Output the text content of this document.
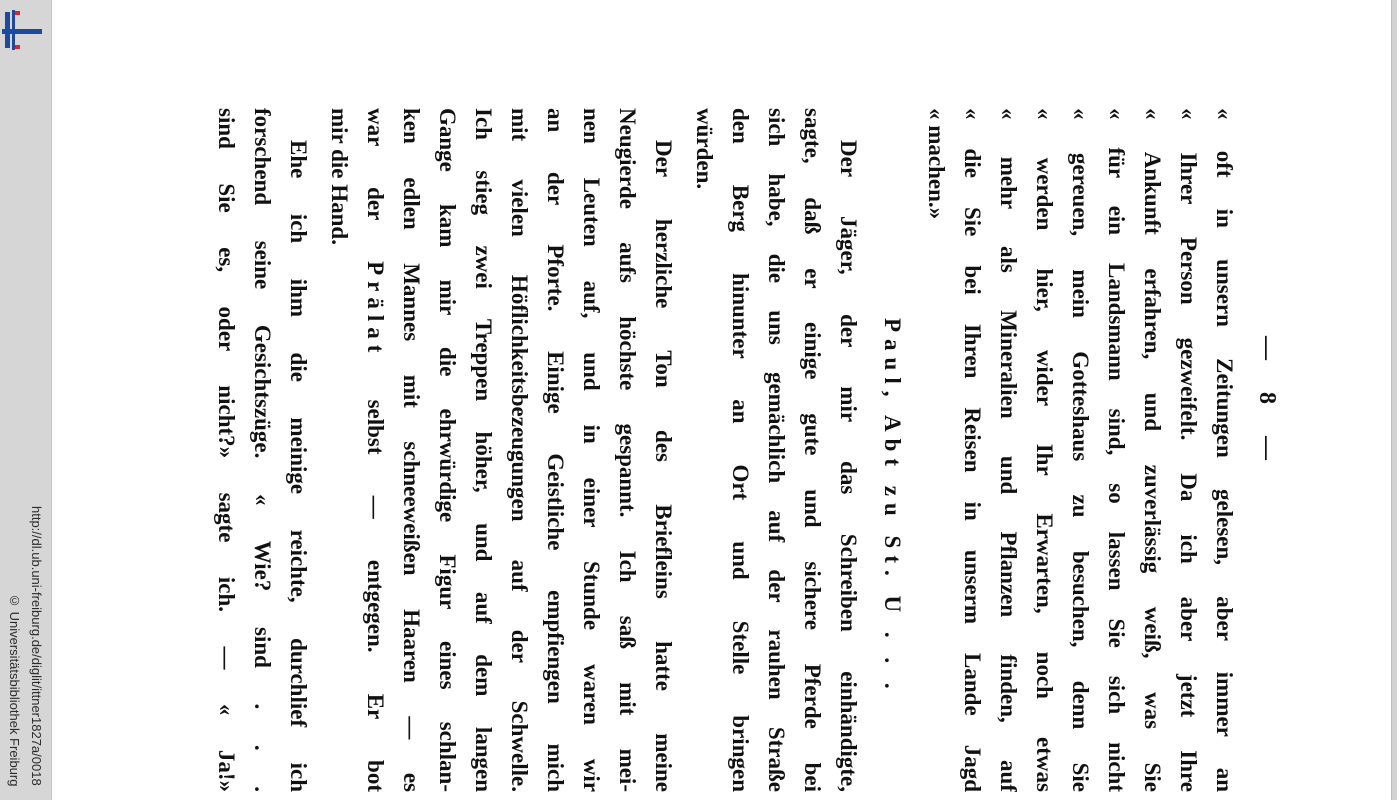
http://dl.ub.uni-freiburg.de/diglit/ittner1827a/0018
© Universitätsbibliothek Freiburg
— 8 —
« oft in unsern Zeitungen gelesen, aber immer an
« Ihrer Person gezweifelt. Da ich aber jetzt Ihre
« Ankunft erfahren, und zuverlässig weiß, was Sie
« für ein Landsmann sind, so lassen Sie sich nicht
« gereuen, mein Gotteshaus zu besuchen, denn Sie
« werden hier, wider Ihr Erwarten, noch etwas
« mehr als Mineralien und Pflanzen finden, auf
« die Sie bei Ihren Reisen in unserm Lande Jagd
« machen.»
Paul, Abt zu St. U . . .
Der Jäger, der mir das Schreiben einhändigte,
sagte, daß er einige gute und sichere Pferde bei
sich habe, die uns gemächlich auf der rauhen Straße
den Berg hinunter an Ort und Stelle bringen
würden.
Der herzliche Ton des Briefleins hatte meine
Neugierde aufs höchste gespannt. Ich saß mit mei-
nen Leuten auf, und in einer Stunde waren wir
an der Pforte. Einige Geistliche empfiengen mich
mit vielen Höflichkeitsbezeugungen auf der Schwelle.
Ich stieg zwei Treppen höher, und auf dem langen
Gange kam mir die ehrwürdige Figur eines schlan-
ken edlen Mannes mit schneeweißen Haaren — es
war der Prälat selbst — entgegen. Er bot
mir die Hand.
Ehe ich ihm die meinige reichte, durchlief ich
forschend seine Gesichtszüge. « Wie? sind . . .
sind Sie es, oder nicht?» sagte ich. — « Ja!»
